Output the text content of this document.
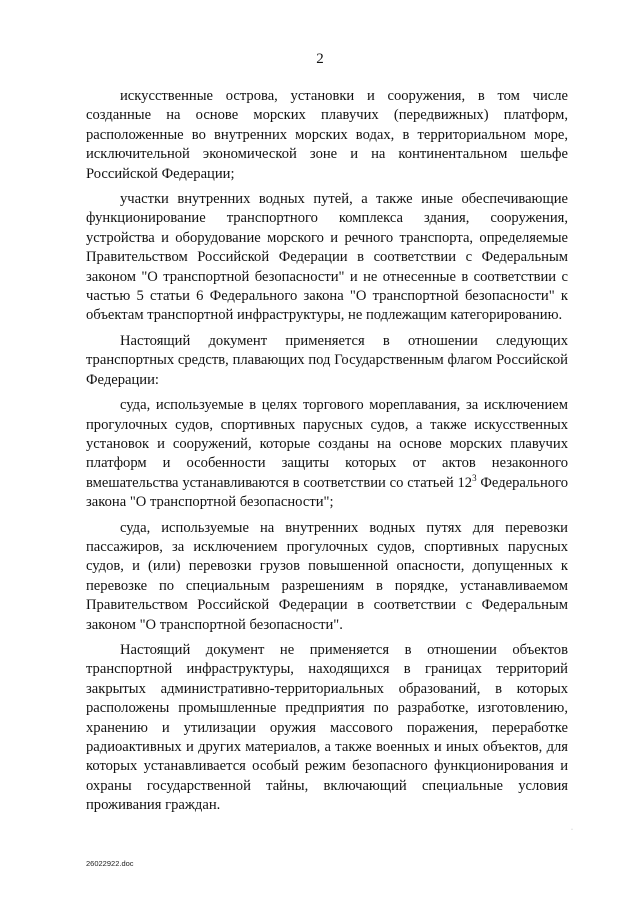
2

искусственные острова, установки и сооружения, в том числе созданные на основе морских плавучих (передвижных) платформ, расположенные во внутренних морских водах, в территориальном море, исключительной экономической зоне и на континентальном шельфе Российской Федерации;

участки внутренних водных путей, а также иные обеспечивающие функционирование транспортного комплекса здания, сооружения, устройства и оборудование морского и речного транспорта, определяемые Правительством Российской Федерации в соответствии с Федеральным законом "О транспортной безопасности" и не отнесенные в соответствии с частью 5 статьи 6 Федерального закона "О транспортной безопасности" к объектам транспортной инфраструктуры, не подлежащим категорированию.

Настоящий документ применяется в отношении следующих транспортных средств, плавающих под Государственным флагом Российской Федерации:

суда, используемые в целях торгового мореплавания, за исключением прогулочных судов, спортивных парусных судов, а также искусственных установок и сооружений, которые созданы на основе морских плавучих платформ и особенности защиты которых от актов незаконного вмешательства устанавливаются в соответствии со статьей $12^3$ Федерального закона "О транспортной безопасности";

суда, используемые на внутренних водных путях для перевозки пассажиров, за исключением прогулочных судов, спортивных парусных судов, и (или) перевозки грузов повышенной опасности, допущенных к перевозке по специальным разрешениям в порядке, устанавливаемом Правительством Российской Федерации в соответствии с Федеральным законом "О транспортной безопасности".

Настоящий документ не применяется в отношении объектов транспортной инфраструктуры, находящихся в границах территорий закрытых административно-территориальных образований, в которых расположены промышленные предприятия по разработке, изготовлению, хранению и утилизации оружия массового поражения, переработке радиоактивных и других материалов, а также военных и иных объектов, для которых устанавливается особый режим безопасного функционирования и охраны государственной тайны, включающий специальные условия проживания граждан.

·
26022922.doc
